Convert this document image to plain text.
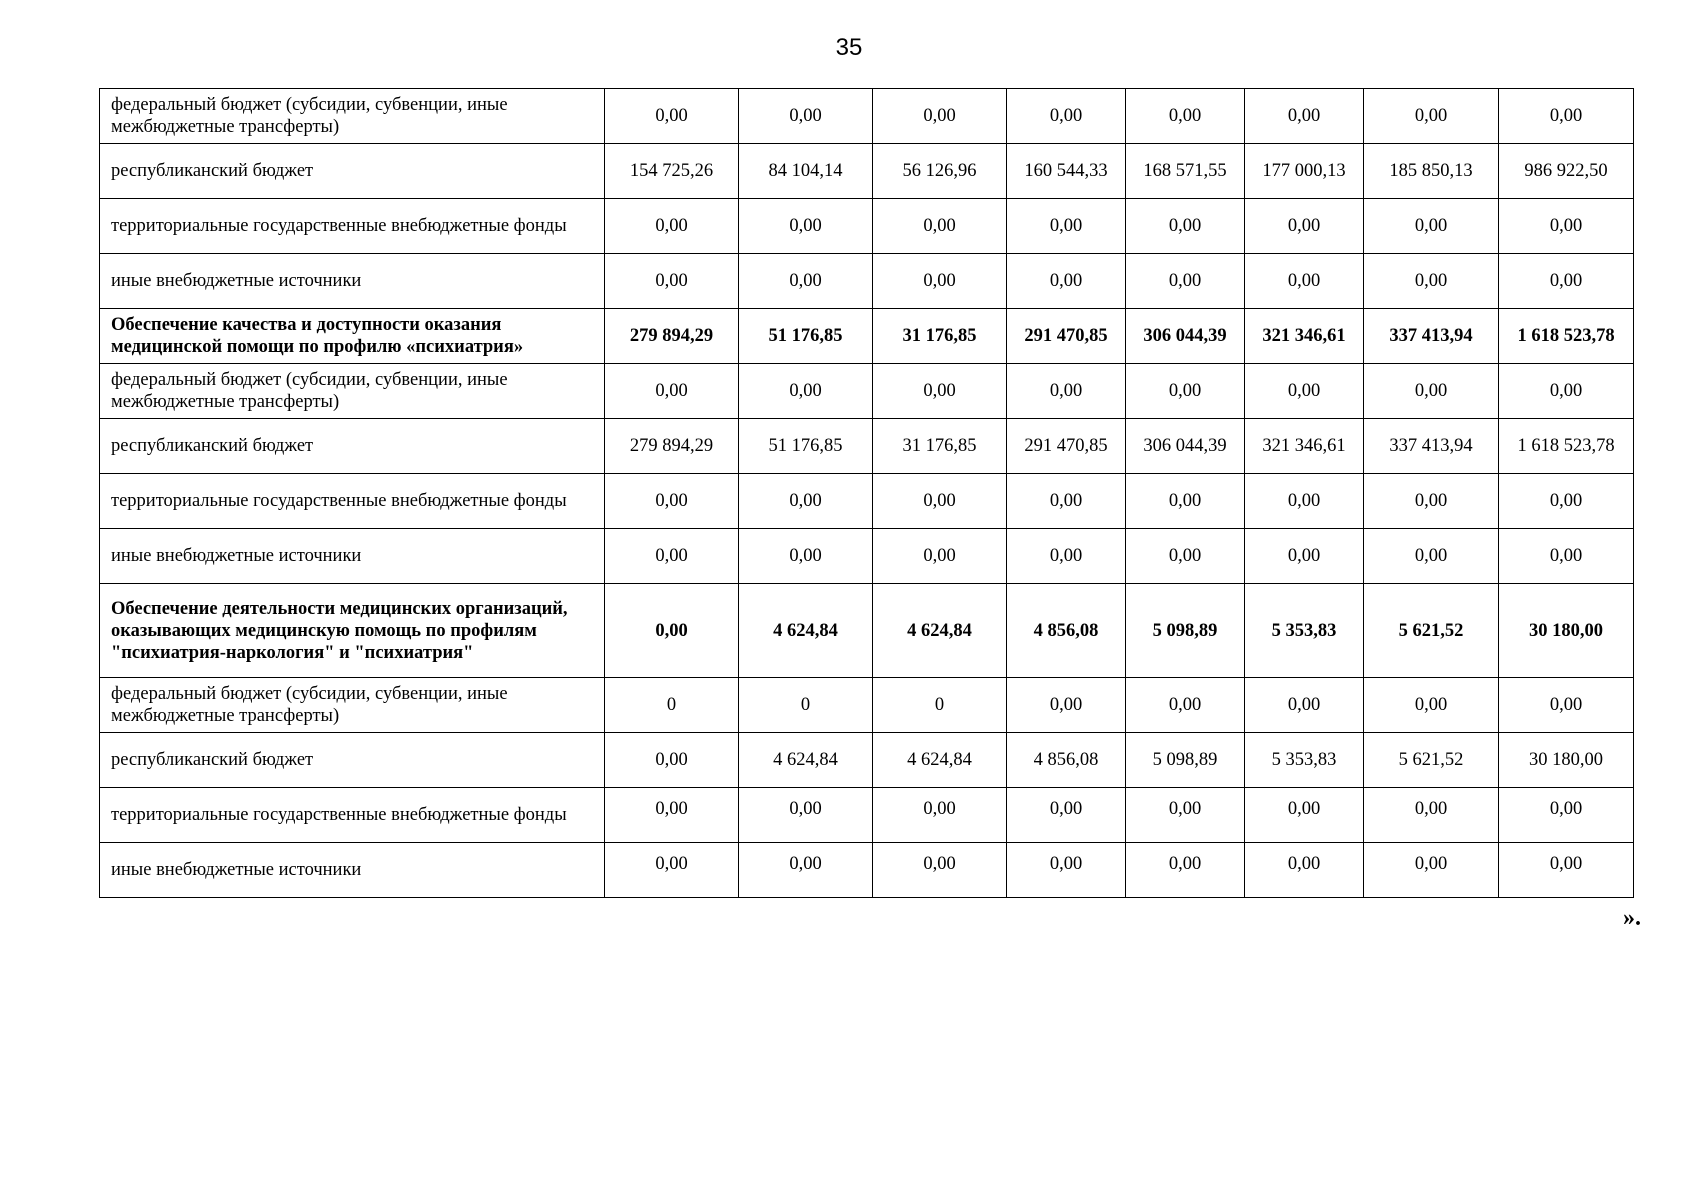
35
федеральный бюджет (субсидии, субвенции, иные межбюджетные трансферты)	0,00	0,00	0,00	0,00	0,00	0,00	0,00	0,00
республиканский бюджет	154 725,26	84 104,14	56 126,96	160 544,33	168 571,55	177 000,13	185 850,13	986 922,50
территориальные государственные внебюджетные фонды	0,00	0,00	0,00	0,00	0,00	0,00	0,00	0,00
иные внебюджетные источники	0,00	0,00	0,00	0,00	0,00	0,00	0,00	0,00
Обеспечение качества и доступности оказания медицинской помощи по профилю «психиатрия»	279 894,29	51 176,85	31 176,85	291 470,85	306 044,39	321 346,61	337 413,94	1 618 523,78
федеральный бюджет (субсидии, субвенции, иные межбюджетные трансферты)	0,00	0,00	0,00	0,00	0,00	0,00	0,00	0,00
республиканский бюджет	279 894,29	51 176,85	31 176,85	291 470,85	306 044,39	321 346,61	337 413,94	1 618 523,78
территориальные государственные внебюджетные фонды	0,00	0,00	0,00	0,00	0,00	0,00	0,00	0,00
иные внебюджетные источники	0,00	0,00	0,00	0,00	0,00	0,00	0,00	0,00
Обеспечение деятельности медицинских организаций, оказывающих медицинскую помощь по профилям "психиатрия-наркология" и "психиатрия"	0,00	4 624,84	4 624,84	4 856,08	5 098,89	5 353,83	5 621,52	30 180,00
федеральный бюджет (субсидии, субвенции, иные межбюджетные трансферты)	0	0	0	0,00	0,00	0,00	0,00	0,00
республиканский бюджет	0,00	4 624,84	4 624,84	4 856,08	5 098,89	5 353,83	5 621,52	30 180,00
территориальные государственные внебюджетные фонды	0,00	0,00	0,00	0,00	0,00	0,00	0,00	0,00
иные внебюджетные источники	0,00	0,00	0,00	0,00	0,00	0,00	0,00	0,00
».
